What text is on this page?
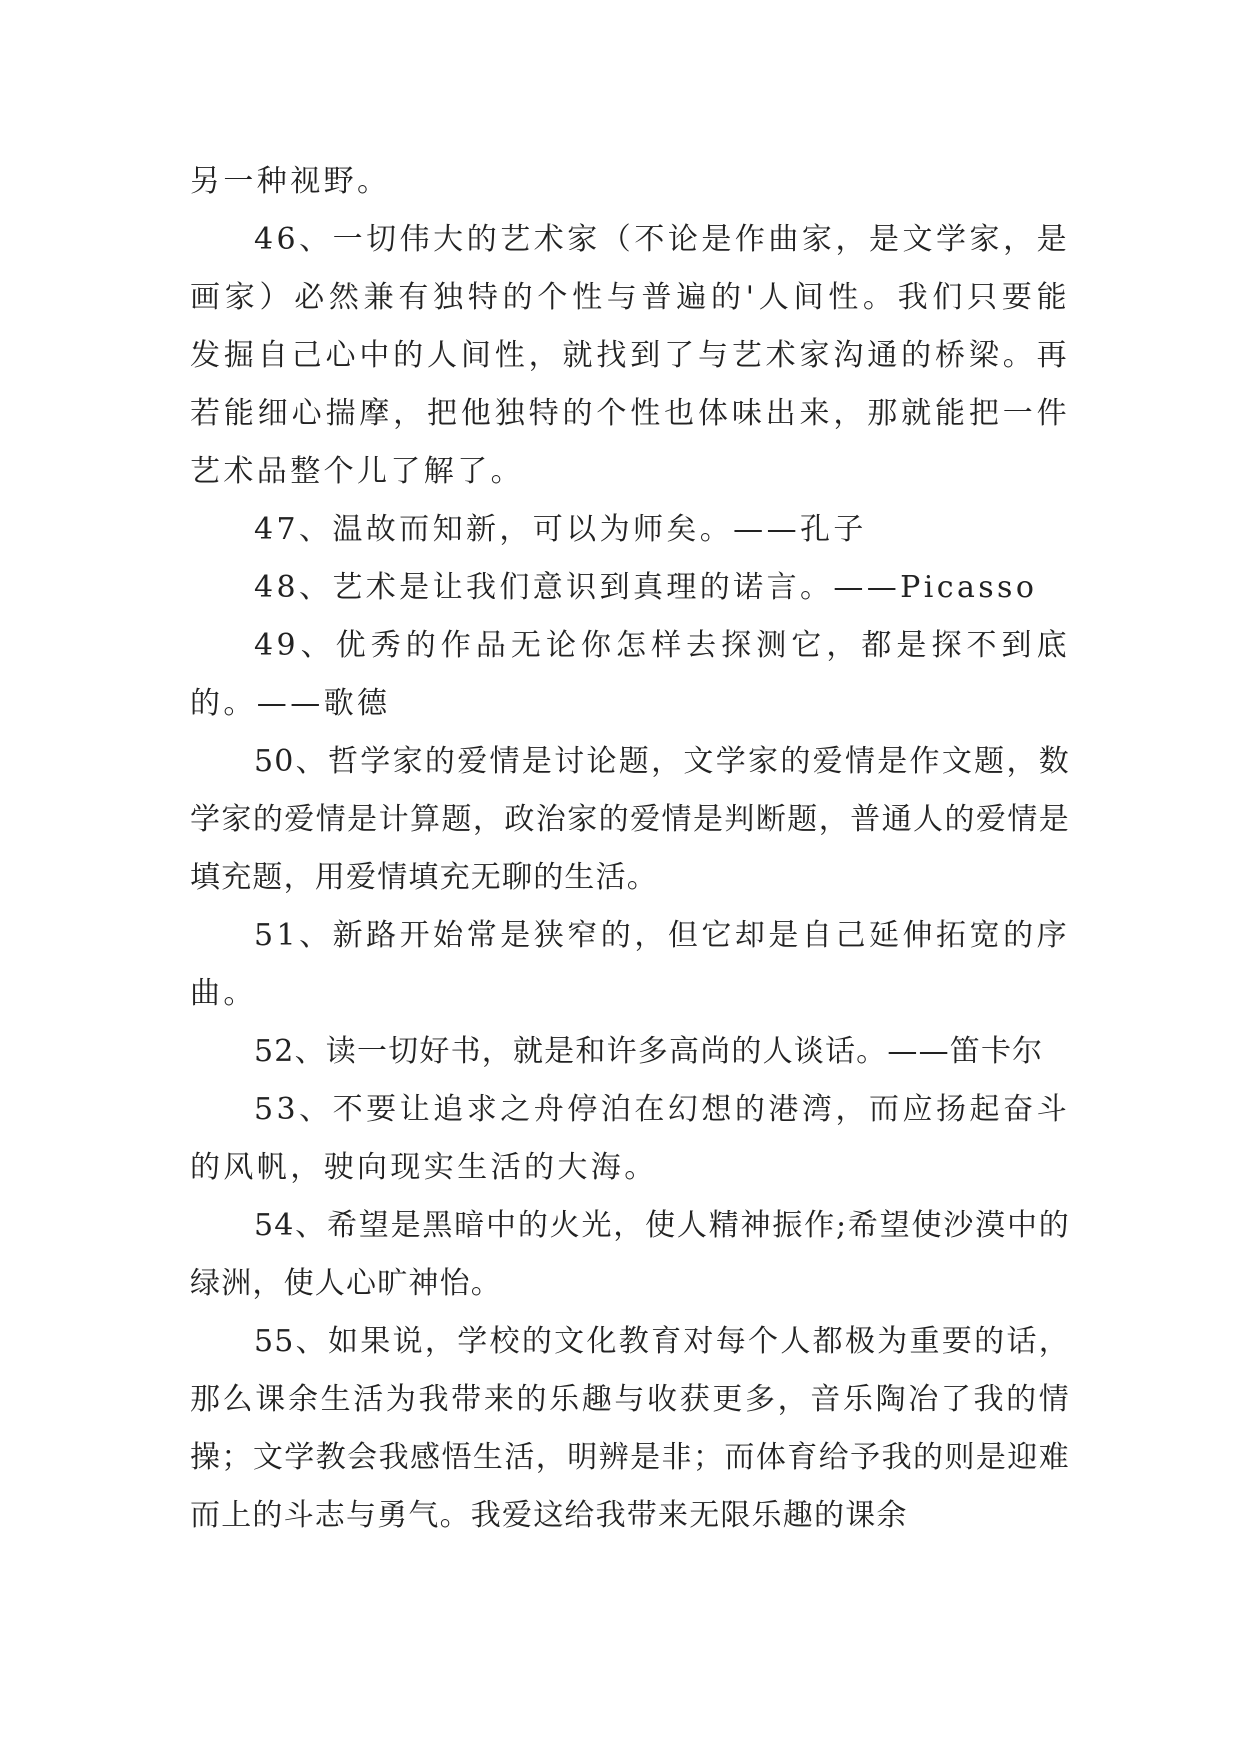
另一种视野。

46、一切伟大的艺术家（不论是作曲家，是文学家，是画家）必然兼有独特的个性与普遍的'人间性。我们只要能发掘自己心中的人间性，就找到了与艺术家沟通的桥梁。再若能细心揣摩，把他独特的个性也体味出来，那就能把一件艺术品整个儿了解了。

47、温故而知新，可以为师矣。——孔子

48、艺术是让我们意识到真理的诺言。——Picasso

49、优秀的作品无论你怎样去探测它，都是探不到底的。——歌德

50、哲学家的爱情是讨论题，文学家的爱情是作文题，数学家的爱情是计算题，政治家的爱情是判断题，普通人的爱情是填充题，用爱情填充无聊的生活。

51、新路开始常是狭窄的，但它却是自己延伸拓宽的序曲。

52、读一切好书，就是和许多高尚的人谈话。——笛卡尔

53、不要让追求之舟停泊在幻想的港湾，而应扬起奋斗的风帆，驶向现实生活的大海。

54、希望是黑暗中的火光，使人精神振作;希望使沙漠中的绿洲，使人心旷神怡。

55、如果说，学校的文化教育对每个人都极为重要的话，那么课余生活为我带来的乐趣与收获更多，音乐陶冶了我的情操；文学教会我感悟生活，明辨是非；而体育给予我的则是迎难而上的斗志与勇气。我爱这给我带来无限乐趣的课余
